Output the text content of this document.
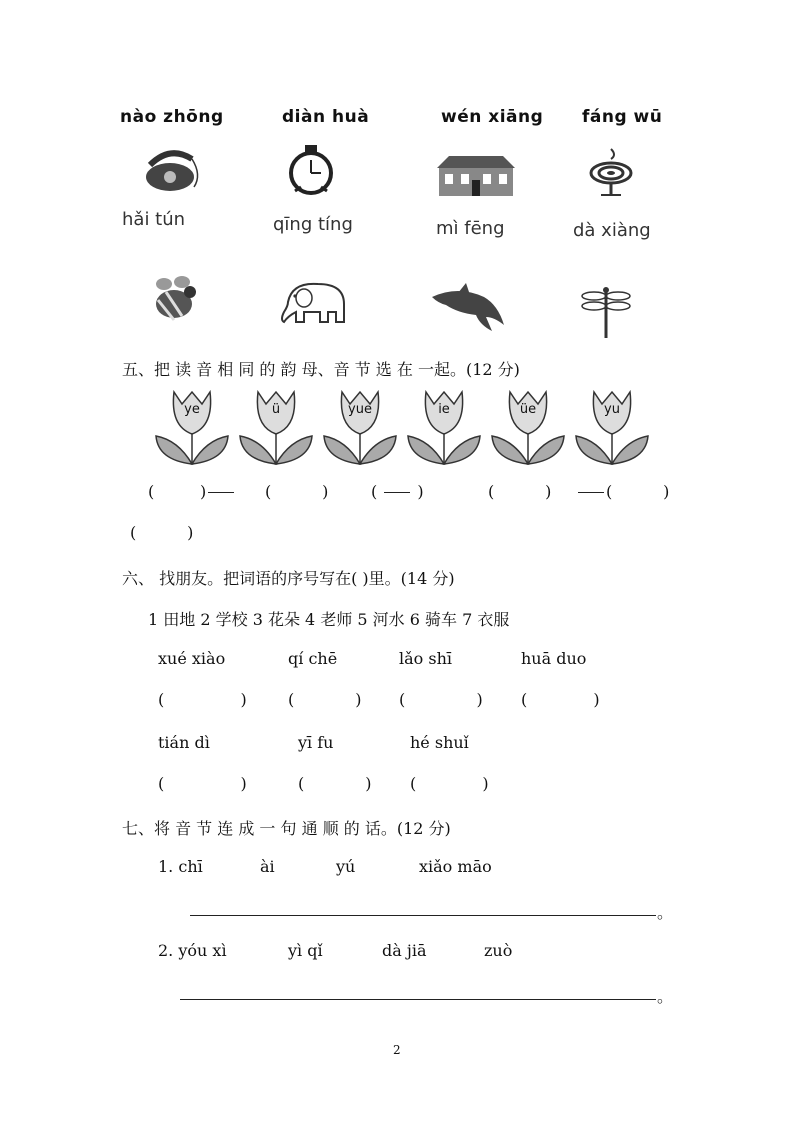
nào zhōng	diàn huà	wén xiāng fáng wū
hǎi tún	qīng tíng	mì fēng	dà xiàng
五、把 读 音 相 同 的 韵 母、音 节 选 在 一起。(12 分)
ye	ü	yue	ie	üe	yu
(         )	(          )	(  )	(          )	(          )
(          )
六、 找朋友。把词语的序号写在( )里。(14 分)
1 田地 2 学校 3 花朵 4 老师 5 河水 6 骑车 7 衣服
xué xiào	qí chē	lǎo shī	huā duo
(               )	(            ) (              ) (             )
tián dì	yī fu	hé shuǐ
(               )	(            ) (             )
七、将 音 节 连 成 一 句 通 顺 的 话。(12 分)
1. chī	ài	yú	xiǎo māo
。
2. yóu xì	yì qǐ	dà jiā	zuò
。
2
